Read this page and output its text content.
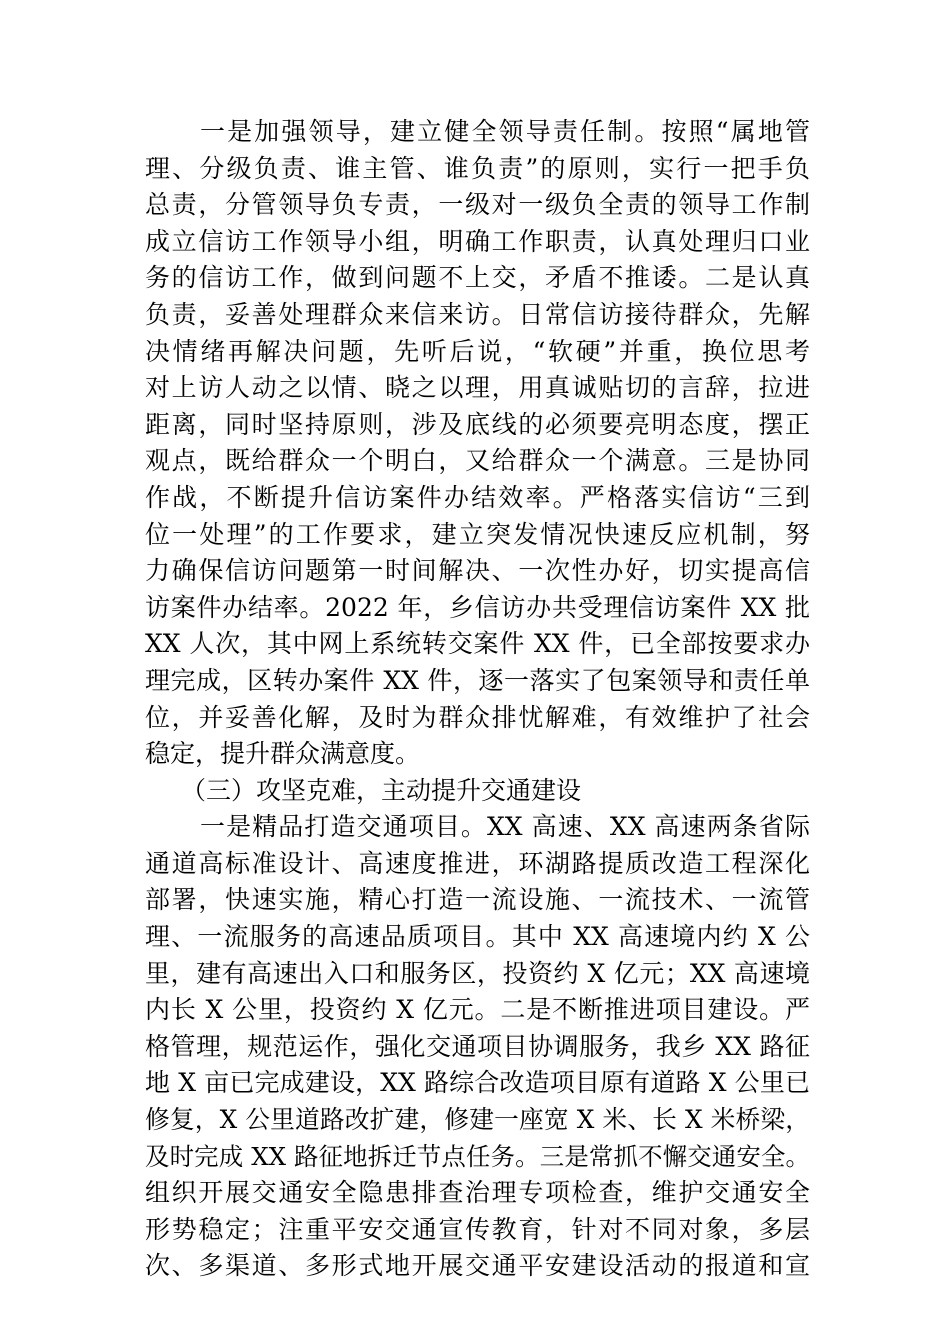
一是加强领导，建立健全领导责任制。按照“属地管
理、分级负责、谁主管、谁负责”的原则，实行一把手负
总责，分管领导负专责，一级对一级负全责的领导工作制
成立信访工作领导小组，明确工作职责，认真处理归口业
务的信访工作，做到问题不上交，矛盾不推诿。二是认真
负责，妥善处理群众来信来访。日常信访接待群众，先解
决情绪再解决问题，先听后说，“软硬”并重，换位思考
对上访人动之以情、晓之以理，用真诚贴切的言辞，拉进
距离，同时坚持原则，涉及底线的必须要亮明态度，摆正
观点，既给群众一个明白，又给群众一个满意。三是协同
作战，不断提升信访案件办结效率。严格落实信访“三到
位一处理”的工作要求，建立突发情况快速反应机制，努
力确保信访问题第一时间解决、一次性办好，切实提高信
访案件办结率。2022 年，乡信访办共受理信访案件 XX 批
XX 人次，其中网上系统转交案件 XX 件，已全部按要求办
理完成，区转办案件 XX 件，逐一落实了包案领导和责任单
位，并妥善化解，及时为群众排忧解难，有效维护了社会
稳定，提升群众满意度。
（三）攻坚克难，主动提升交通建设
一是精品打造交通项目。XX 高速、XX 高速两条省际
通道高标准设计、高速度推进，环湖路提质改造工程深化
部署，快速实施，精心打造一流设施、一流技术、一流管
理、一流服务的高速品质项目。其中 XX 高速境内约 X 公
里，建有高速出入口和服务区，投资约 X 亿元；XX 高速境
内长 X 公里，投资约 X 亿元。二是不断推进项目建设。严
格管理，规范运作，强化交通项目协调服务，我乡 XX 路征
地 X 亩已完成建设，XX 路综合改造项目原有道路 X 公里已
修复，X 公里道路改扩建，修建一座宽 X 米、长 X 米桥梁，
及时完成 XX 路征地拆迁节点任务。三是常抓不懈交通安全。
组织开展交通安全隐患排查治理专项检查，维护交通安全
形势稳定；注重平安交通宣传教育，针对不同对象，多层
次、多渠道、多形式地开展交通平安建设活动的报道和宣
